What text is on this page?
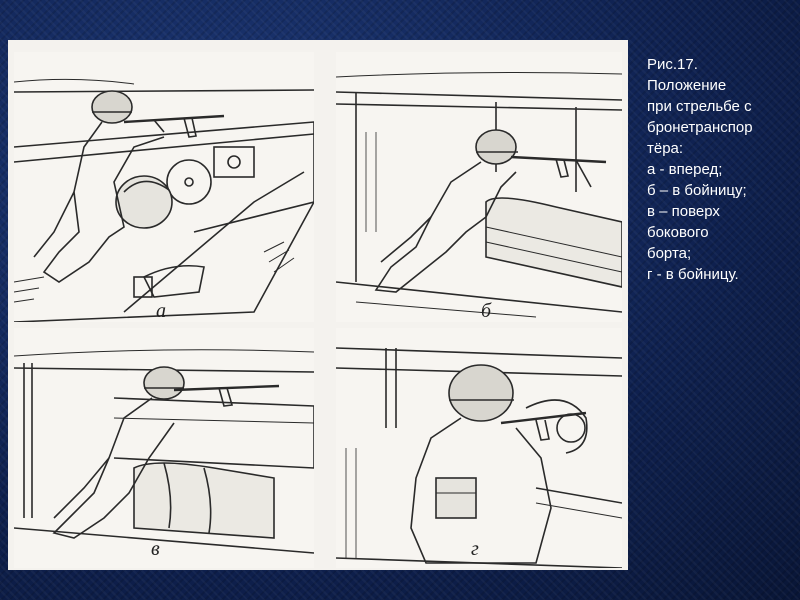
а	б
в	г
Рис.17.
Положение
при стрельбе с
бронетранспор
тёра:
а - вперед;
б – в бойницу;
в – поверх
бокового
борта;
г - в бойницу.
